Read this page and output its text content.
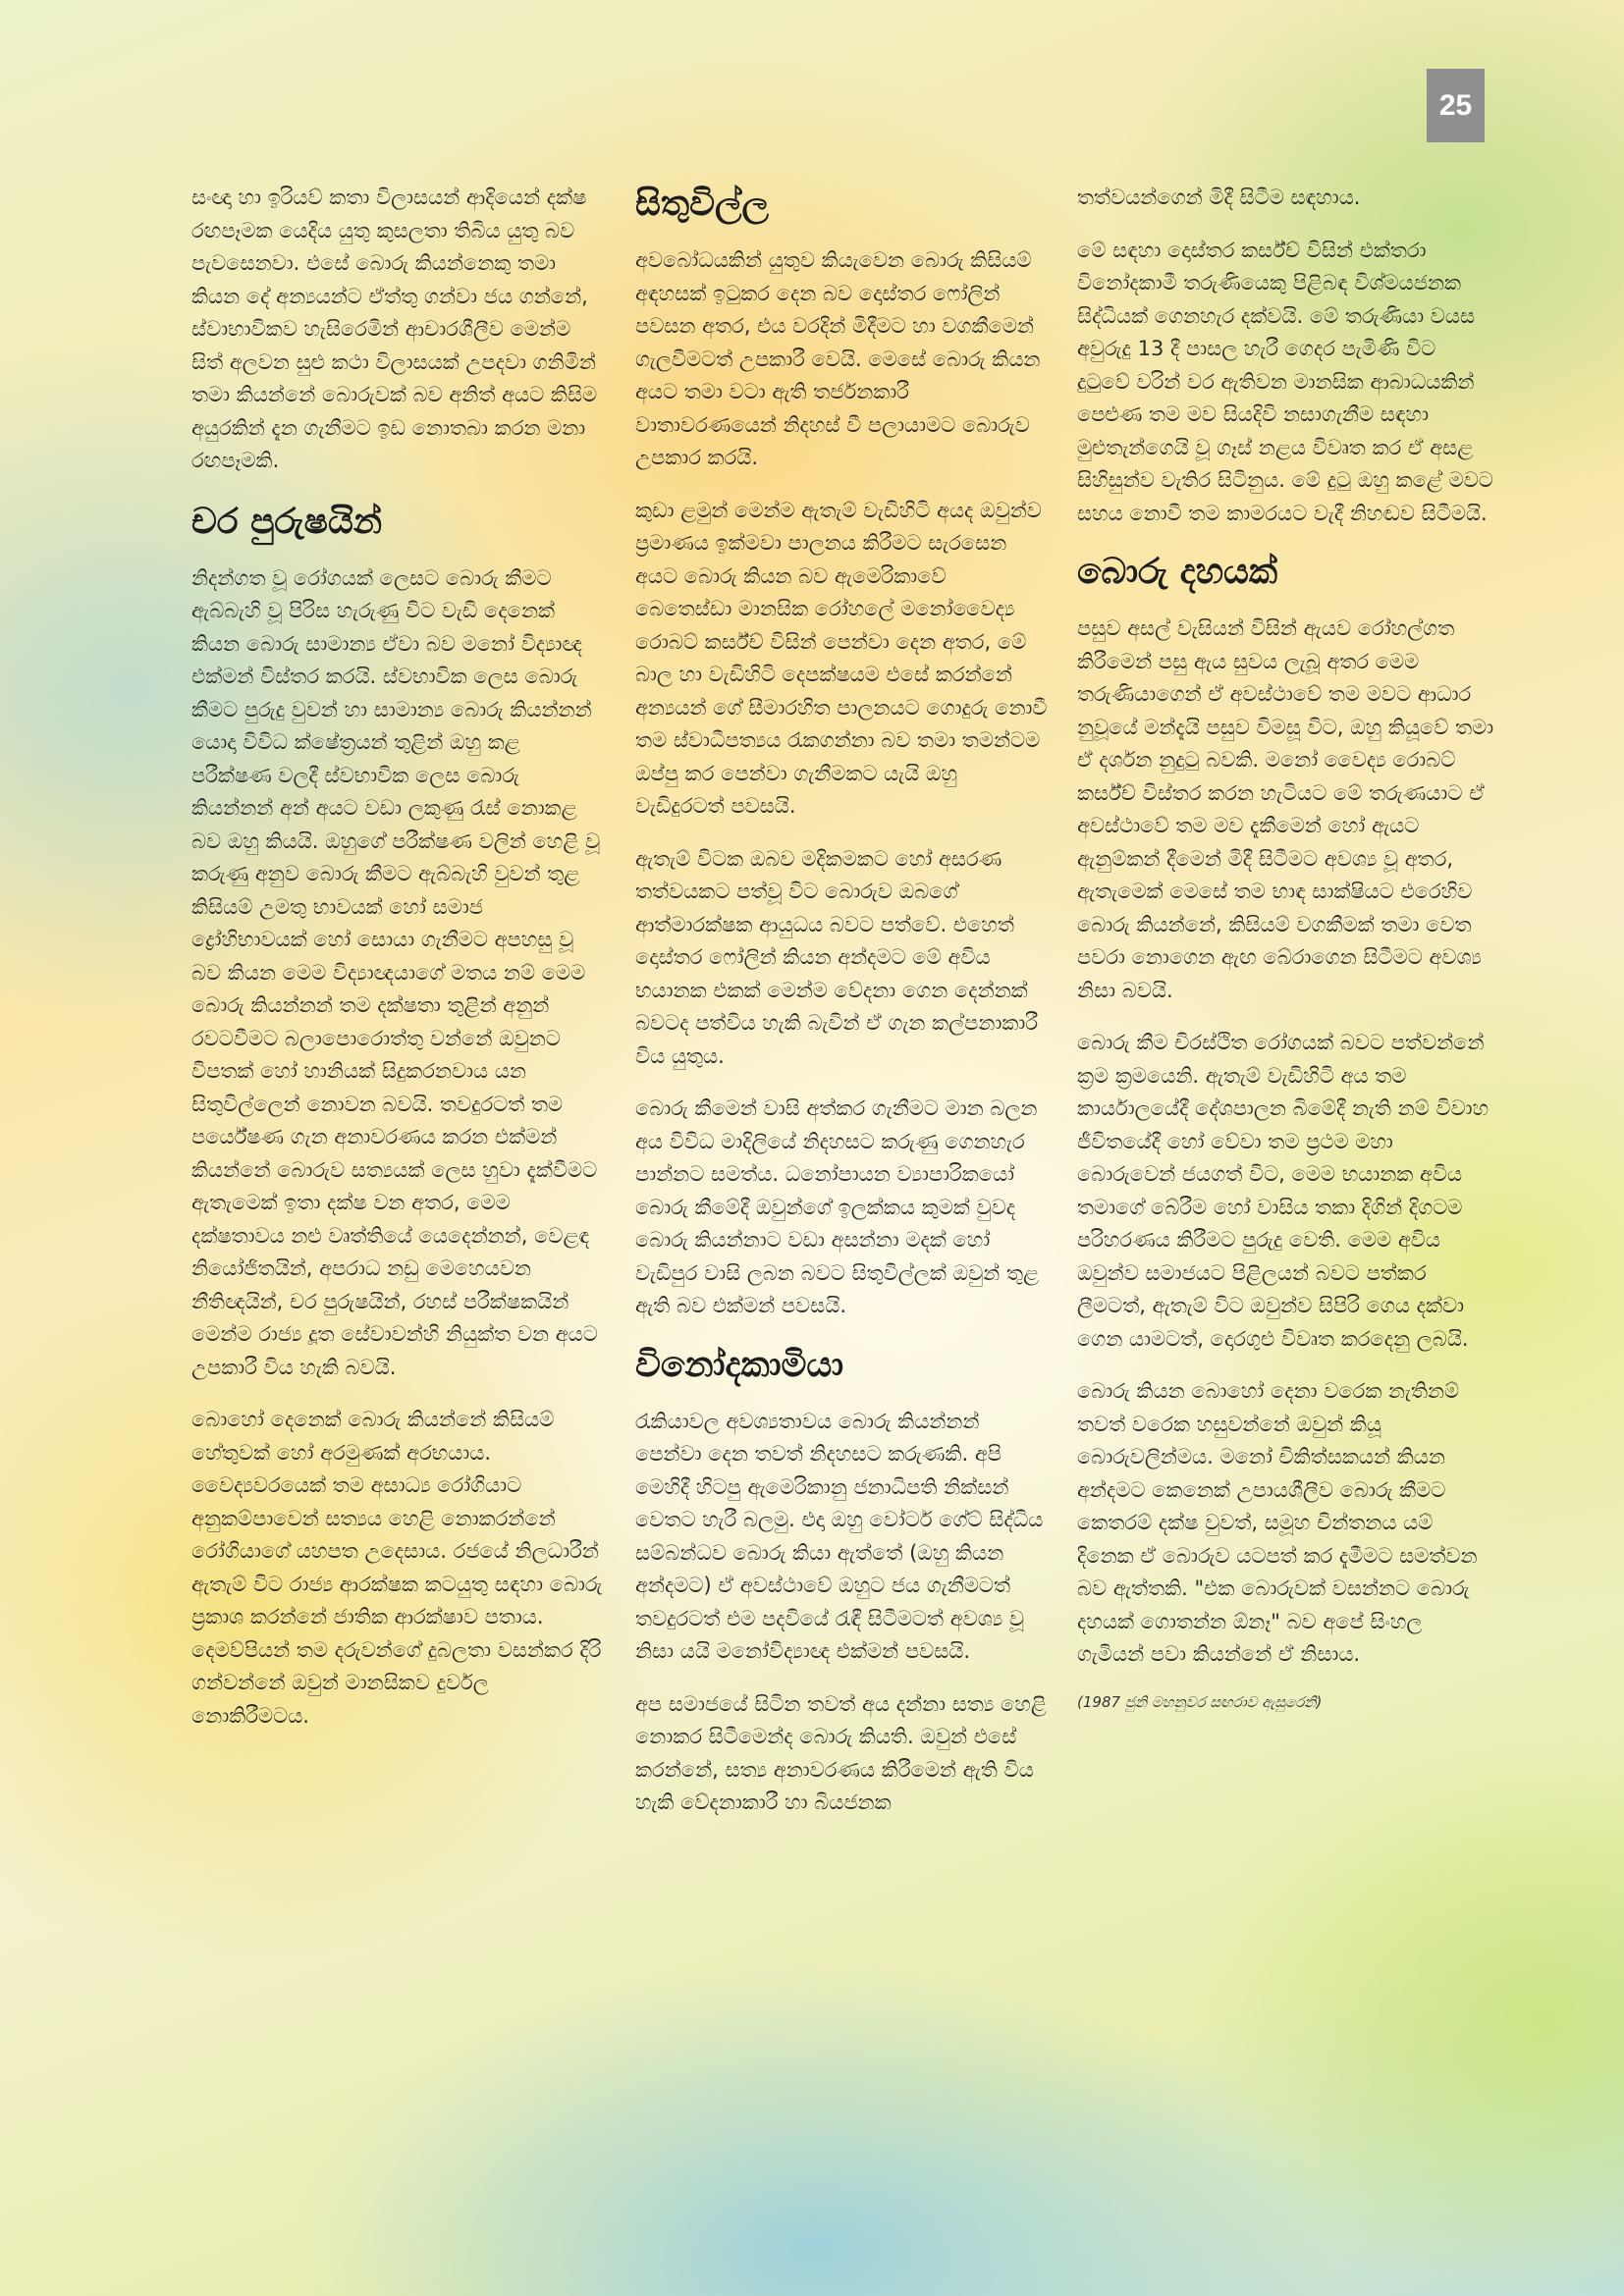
25

සංඥා හා ඉරියව් කතා විලාසයන් ආදියෙන් දක්ෂ රඟපෑමක යෙදිය යුතු කුසලතා තිබිය යුතු බව පැවසෙනවා. එසේ බොරු කියන්නෙකු තමා කියන දේ අන්‍යයන්ට ඒත්තු ගන්වා ජය ගන්නේ, ස්වාභාවිකව හැසිරෙමින් ආචාරශීලීව මෙන්ම සිත් අලවන සුළු කථා විලාසයක් උපදවා ගනිමින් තමා කියන්නේ බොරුවක් බව අනිත් අයට කිසිම අයුරකින් දැන ගැනීමට ඉඩ නොතබා කරන මනා රඟපෑමකි.

චර පුරුෂයින්

නිදන්ගත වූ රෝගයක් ලෙසට බොරු කීමට ඇබ්බැහි වූ පිරිස හැරුණු විට වැඩි දෙනෙක් කියන බොරු සාමාන්‍ය ඒවා බව මනෝ විද්‍යාඥ එක්මන් විස්තර කරයි. ස්වභාවික ලෙස බොරු කීමට පුරුදු වුවන් හා සාමාන්‍ය බොරු කියන්නන් යොදා විවිධ ක්ෂේත්‍රයන් තුළින් ඔහු කළ පරීක්ෂණ වලදී ස්වභාවික ලෙස බොරු කියන්නන් අන් අයට වඩා ලකුණු රැස් නොකළ බව ඔහු කියයි. ඔහුගේ පරීක්ෂණ වලින් හෙළි වූ කරුණු අනුව බොරු කීමට ඇබ්බැහි වුවන් තුළ කිසියම් උමතු භාවයක් හෝ සමාජ ද්‍රෝහිභාවයක් හෝ සොයා ගැනීමට අපහසු වූ බව කියන මෙම විද්‍යාඥයාගේ මතය නම් මෙම බොරු කියන්නන් තම දක්ෂතා තුළින් අනුන් රවටවීමට බලාපොරොත්තු වන්නේ ඔවුනට විපතක් හෝ හානියක් සිදුකරනවාය යන සිතුවිල්ලෙන් නොවන බවයි. තවදුරටත් තම පර්යේෂණ ගැන අනාවරණය කරන එක්මන් කියන්නේ බොරුව සත්‍යයක් ලෙස හුවා දැක්වීමට ඇතැමෙක් ඉතා දක්ෂ වන අතර, මෙම දක්ෂතාවය නළු වෘත්තියේ යෙදෙන්නන්, වෙළඳ නියෝජිතයින්, අපරාධ නඩු මෙහෙයවන නීතිඥයින්, චර පුරුෂයින්, රහස් පරීක්ෂකයින් මෙන්ම රාජ්‍ය දූත සේවාවන්හි නියුක්ත වන අයට උපකාරී විය හැකි බවයි.

බොහෝ දෙනෙක් බොරු කියන්නේ කිසියම් හේතුවක් හෝ අරමුණක් අරභයාය. වෛද්‍යවරයෙක් තම අසාධ්‍ය රෝගියාට අනුකම්පාවෙන් සත්‍යය හෙළි නොකරන්නේ රෝගියාගේ යහපත උදෙසාය. රජයේ නිලධාරීන් ඇතැම් විට රාජ්‍ය ආරක්ෂක කටයුතු සඳහා බොරු ප්‍රකාශ කරන්නේ ජාතික ආරක්ෂාව පතාය. දෙමව්පියන් තම දරුවන්ගේ දුබලතා වසන්කර දිරි ගන්වන්නේ ඔවුන් මානසිකව දුර්වල නොකිරීමටය.

සිතුවිල්ල

අවබෝධයකින් යුතුව කියැවෙන බොරු කිසියම් අඳහසක් ඉටුකර දෙන බව දොස්තර ෆෝලින් පවසන අතර, එය වරදින් මිදීමට හා වගකීමෙන් ගැලවීමටත් උපකාරී වෙයි. මෙසේ බොරු කියන අයට තමා වටා ඇති තර්ජනකාරී වාතාවරණයෙන් නිදහස් වී පලායාමට බොරුව උපකාර කරයි.

කුඩා ළමුන් මෙන්ම ඇතැම් වැඩිහිටි අයද ඔවුන්ව ප්‍රමාණය ඉක්මවා පාලනය කිරීමට සැරසෙන අයට බොරු කියන බව ඇමෙරිකාවේ බෙතෙස්ඩා මානසික රෝහලේ මනෝවෛද්‍ය රොබට් කර්ස්ච් විසින් පෙන්වා දෙන අතර, මේ බාල හා වැඩිහිටි දෙපක්ෂයම එසේ කරන්නේ අන්‍යයන් ගේ සීමාරහිත පාලනයට ගොදුරු නොවී තම ස්වාධීපත්‍යය රැකගන්නා බව තමා තමන්ටම ඔප්පු කර පෙන්වා ගැනීමකට යැයි ඔහු වැඩිදුරටත් පවසයි.

ඇතැම් විටක ඔබව මදිකමකට හෝ අසරණ තත්වයකට පත්වූ විට බොරුව ඔබගේ ආත්මාරක්ෂක ආයුධය බවට පත්වේ. එහෙත් දොස්තර ෆෝලින් කියන අන්දමට මේ අවිය භයානක එකක් මෙන්ම වේදනා ගෙන දෙන්නක් බවටද පත්විය හැකි බැවින් ඒ ගැන කල්පනාකාරී විය යුතුය.

බොරු කීමෙන් වාසි අත්කර ගැනීමට මාන බලන අය විවිධ මාදිලියේ නිදහසට කරුණු ගෙනහැර පාන්නට සමත්ය. ධනෝපායන ව්‍යාපාරිකයෝ බොරු කීමේදී ඔවුන්ගේ ඉලක්කය කුමක් වුවද බොරු කියන්නාට වඩා අසන්නා මදක් හෝ වැඩිපුර වාසි ලබන බවට සිතුවිල්ලක් ඔවුන් තුළ ඇති බව එක්මන් පවසයි.

විනෝදකාමියා

රැකියාවල අවශ්‍යතාවය බොරු කියන්නන් පෙන්වා දෙන තවත් නිදහසට කරුණකි. අපි මෙහිදී හිටපු ඇමෙරිකානු ජනාධිපති නික්සන් වෙතට හැරී බලමු. එදා ඔහු වෝටර් ගේට් සිද්ධිය සම්බන්ධව බොරු කියා ඇත්තේ (ඔහු කියන අන්දමට) ඒ අවස්ථාවේ ඔහුට ජය ගැනීමටත් තවදුරටත් එම පදවියේ රැඳී සිටීමටත් අවශ්‍ය වූ නිසා යයි මනෝවිද්‍යාඥ එක්මන් පවසයි.

අප සමාජයේ සිටින තවත් අය දන්නා සත්‍ය හෙළි නොකර සිටීමෙන්ද බොරු කියති. ඔවුන් එසේ කරන්නේ, සත්‍ය අනාවරණය කිරීමෙන් ඇති විය හැකි වේදනාකාරී හා බියජනක

තත්වයන්ගෙන් මිදී සිටීම සඳහාය.

මේ සඳහා දොස්තර කර්ස්ච් විසින් එක්තරා විනෝදකාමී තරුණියෙකු පිළිබඳ විශ්මයජනක සිද්ධියක් ගෙනහැර දක්වයි. මේ තරුණියා වයස අවුරුදු 13 දී පාසල හැරී ගෙදර පැමිණි විට දුටුවේ වරින් වර ඇතිවන මානසික ආබාධයකින් පෙළුණ තම මව සියදිවි නසාගැනීම සඳහා මුළුතැන්ගෙයි වූ ගෑස් නළය විවෘත කර ඒ අසළ සිහිසුන්ව වැතිර සිටිනුය. මේ දුටු ඔහු කළේ මවට සහය නොවී තම කාමරයට වැදී නිහඬව සිටීමයි.

බොරු දහයක්

පසුව අසල් වැසියන් විසින් ඇයව රෝහල්ගත කිරීමෙන් පසු ඇය සුවය ලැබූ අතර මෙම තරුණියාගෙන් ඒ අවස්ථාවේ තම මවට ආධාර නුවූයේ මන්දැයි පසුව විමසූ විට, ඔහු කියූවේ තමා ඒ දර්ශන නුදුටු බවකි. මනෝ වෛද්‍ය රොබට් කර්ස්ච් විස්තර කරන හැටියට මේ තරුණයාට ඒ අවස්ථාවේ තම මව දැකීමෙන් හෝ ඇයට ඇනුම්කන් දීමෙන් මිදී සිටීමට අවශ්‍ය වූ අතර, ඇතැමෙක් මෙසේ තම භාඳ සාක්ෂියට එරෙහිව බොරු කියන්නේ, කිසියම් වගකීමක් තමා වෙත පවරා නොගෙන ඇඟ බේරාගෙන සිටීමට අවශ්‍ය නිසා බවයි.

බොරු කීම චිරස්ථිත රෝගයක් බවට පත්වන්නේ ක්‍රම ක්‍රමයෙනි. ඇතැම් වැඩිහිටි අය තම කාර්යාලයේදී දේශපාලන බිමේදී නැති නම් විවාහ ජීවිතයේදී හෝ වේවා තම ප්‍රථම මහා බොරුවෙන් ජයගත් විට, මෙම භයානක අවිය තමාගේ බේරීම හෝ වාසිය තකා දිගින් දිගටම පරිහරණය කිරීමට පුරුදු වෙති. මෙම අවිය ඔවුන්ව සමාජයට පිළිලයන් බවට පත්කර ලීමටත්, ඇතැම් විට ඔවුන්ව සිපිරි ගෙය දක්වා ගෙන යාමටත්, දොරගුළු විවෘත කරදෙනු ලබයි.

බොරු කියන බොහෝ දෙනා වරෙක නැතිනම් තවත් වරෙක හසුවන්නේ ඔවුන් කියූ බොරුවලින්මය. මනෝ චිකිත්සකයන් කියන අන්දමට කෙනෙක් උපායශීලීව බොරු කීමට කෙතරම් දක්ෂ වුවත්, සමූහ චින්තනය යම් දිනෙක ඒ බොරුව යටපත් කර දැමීමට සමත්වන බව ඇත්තකි. "එක බොරුවක් වසන්නට බොරු දහයක් ගොතන්න ඕනෑ" බව අපේ සිංහල ගැමියන් පවා කියන්නේ ඒ නිසාය.

(1987 ජුනි මහනුවර සඟරාව ඇසුරෙනි)
